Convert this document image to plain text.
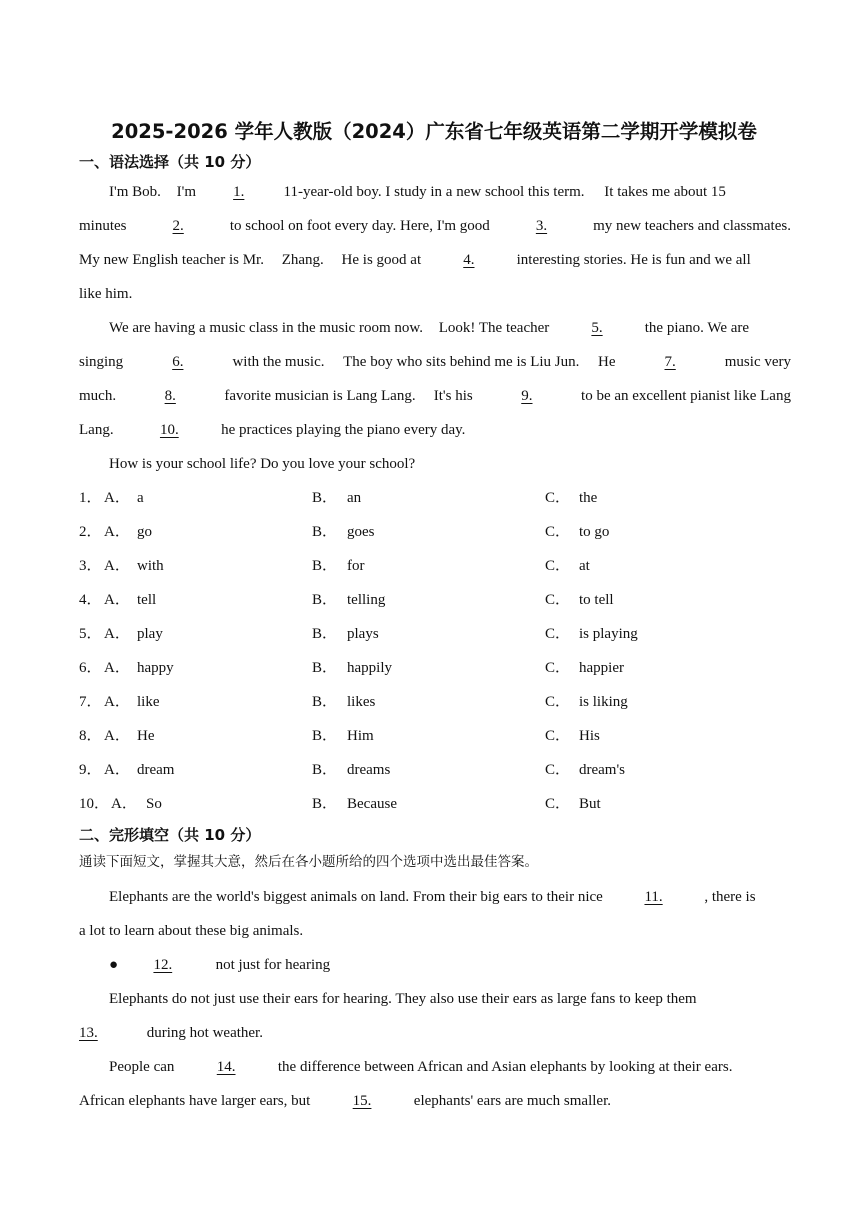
2025-2026 学年人教版（2024）广东省七年级英语第二学期开学模拟卷
一、语法选择（共 10 分）
I'm Bob. I'm 1.	11-year-old boy. I study in a new school this term. It takes me about 15
minutes	2.	to school on foot every day. Here, I'm good	3.	my new teachers and classmates.
My new English teacher is Mr. Zhang. He is good at	4.	interesting stories. He is fun and we all
like him.
We are having a music class in the music room now. Look! The teacher	5.	the piano. We are
singing	6.	with the music. The boy who sits behind me is Liu Jun. He	7.	music very
much.	8.	favorite musician is Lang Lang. It's his	9.	to be an excellent pianist like Lang
Lang.	10.	he practices playing the piano every day.
How is your school life? Do you love your school?
1． A． a	B． an	C． the
2． A． go	B． goes	C． to go
3． A． with	B． for	C． at
4． A． tell	B． telling	C． to tell
5． A． play	B． plays	C． is playing
6． A． happy	B． happily	C． happier
7． A． like	B． likes	C． is liking
8． A． He	B． Him	C． His
9． A． dream	B． dreams	C． dream's
10． A． So	B． Because	C． But
二、完形填空（共 10 分）
通读下面短文，掌握其大意，然后在各小题所给的四个选项中选出最佳答案。
Elephants are the world's biggest animals on land. From their big ears to their nice	11.	, there is
a lot to learn about these big animals.
● 12.	not just for hearing
Elephants do not just use their ears for hearing. They also use their ears as large fans to keep them
13.	during hot weather.
People can	14.	the difference between African and Asian elephants by looking at their ears.
African elephants have larger ears, but	15.	elephants' ears are much smaller.
